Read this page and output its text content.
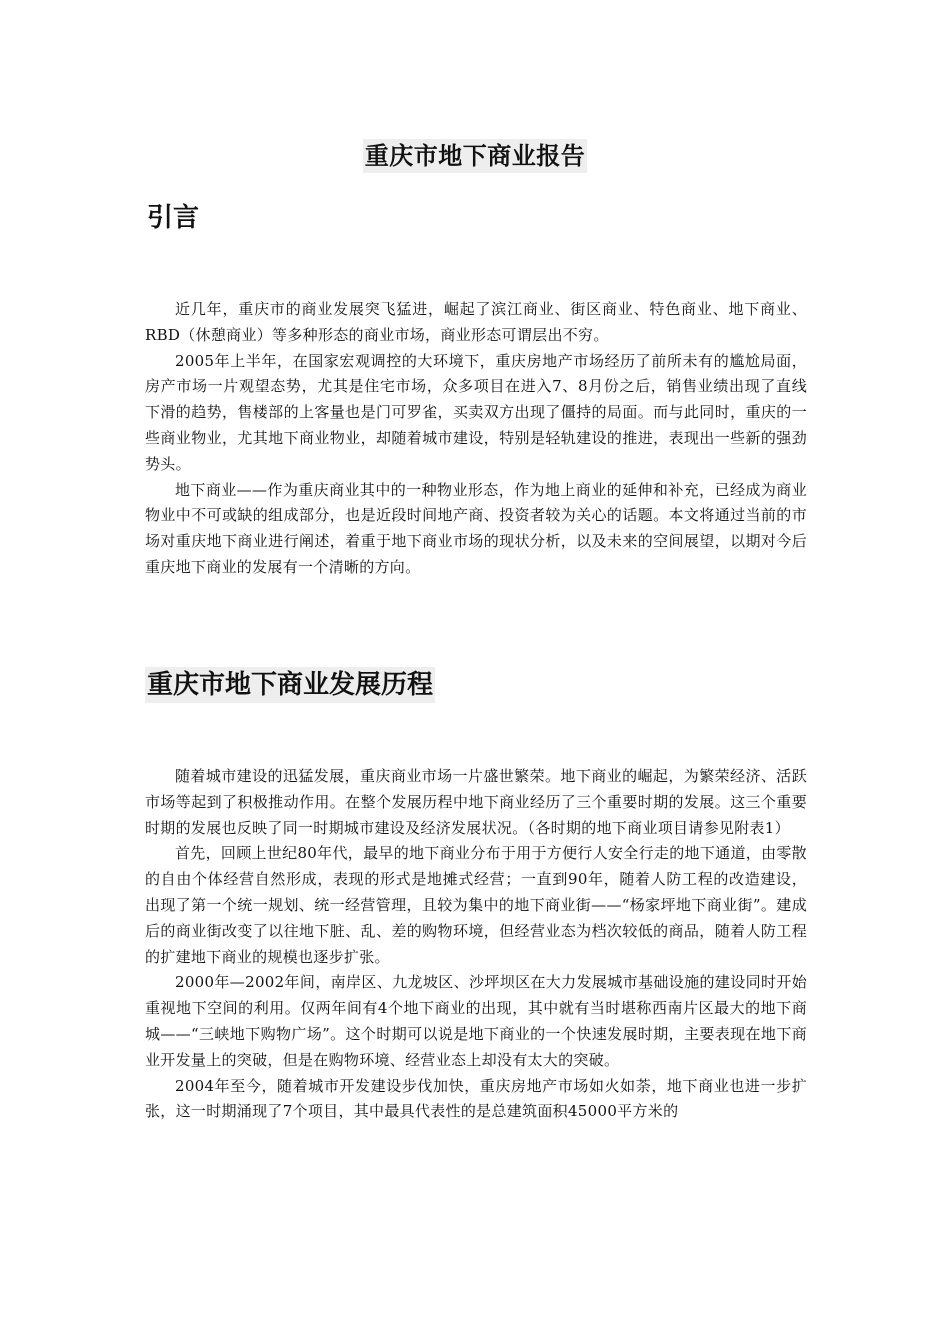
重庆市地下商业报告
引言

近几年，重庆市的商业发展突飞猛进，崛起了滨江商业、街区商业、特色商业、地下商业、RBD（休憩商业）等多种形态的商业市场，商业形态可谓层出不穷。

2005年上半年，在国家宏观调控的大环境下，重庆房地产市场经历了前所未有的尴尬局面，房产市场一片观望态势，尤其是住宅市场，众多项目在进入7、8月份之后，销售业绩出现了直线下滑的趋势，售楼部的上客量也是门可罗雀，买卖双方出现了僵持的局面。而与此同时，重庆的一些商业物业，尤其地下商业物业，却随着城市建设，特别是轻轨建设的推进，表现出一些新的强劲势头。

地下商业——作为重庆商业其中的一种物业形态，作为地上商业的延伸和补充，已经成为商业物业中不可或缺的组成部分，也是近段时间地产商、投资者较为关心的话题。本文将通过当前的市场对重庆地下商业进行阐述，着重于地下商业市场的现状分析，以及未来的空间展望，以期对今后重庆地下商业的发展有一个清晰的方向。

重庆市地下商业发展历程

随着城市建设的迅猛发展，重庆商业市场一片盛世繁荣。地下商业的崛起，为繁荣经济、活跃市场等起到了积极推动作用。在整个发展历程中地下商业经历了三个重要时期的发展。这三个重要时期的发展也反映了同一时期城市建设及经济发展状况。（各时期的地下商业项目请参见附表1）

首先，回顾上世纪80年代，最早的地下商业分布于用于方便行人安全行走的地下通道，由零散的自由个体经营自然形成，表现的形式是地摊式经营；一直到90年，随着人防工程的改造建设，出现了第一个统一规划、统一经营管理，且较为集中的地下商业街——“杨家坪地下商业街”。建成后的商业街改变了以往地下脏、乱、差的购物环境，但经营业态为档次较低的商品，随着人防工程的扩建地下商业的规模也逐步扩张。

2000年—2002年间，南岸区、九龙坡区、沙坪坝区在大力发展城市基础设施的建设同时开始重视地下空间的利用。仅两年间有4个地下商业的出现，其中就有当时堪称西南片区最大的地下商城——“三峡地下购物广场”。这个时期可以说是地下商业的一个快速发展时期，主要表现在地下商业开发量上的突破，但是在购物环境、经营业态上却没有太大的突破。

2004年至今，随着城市开发建设步伐加快，重庆房地产市场如火如荼，地下商业也进一步扩张，这一时期涌现了7个项目，其中最具代表性的是总建筑面积45000平方米的
